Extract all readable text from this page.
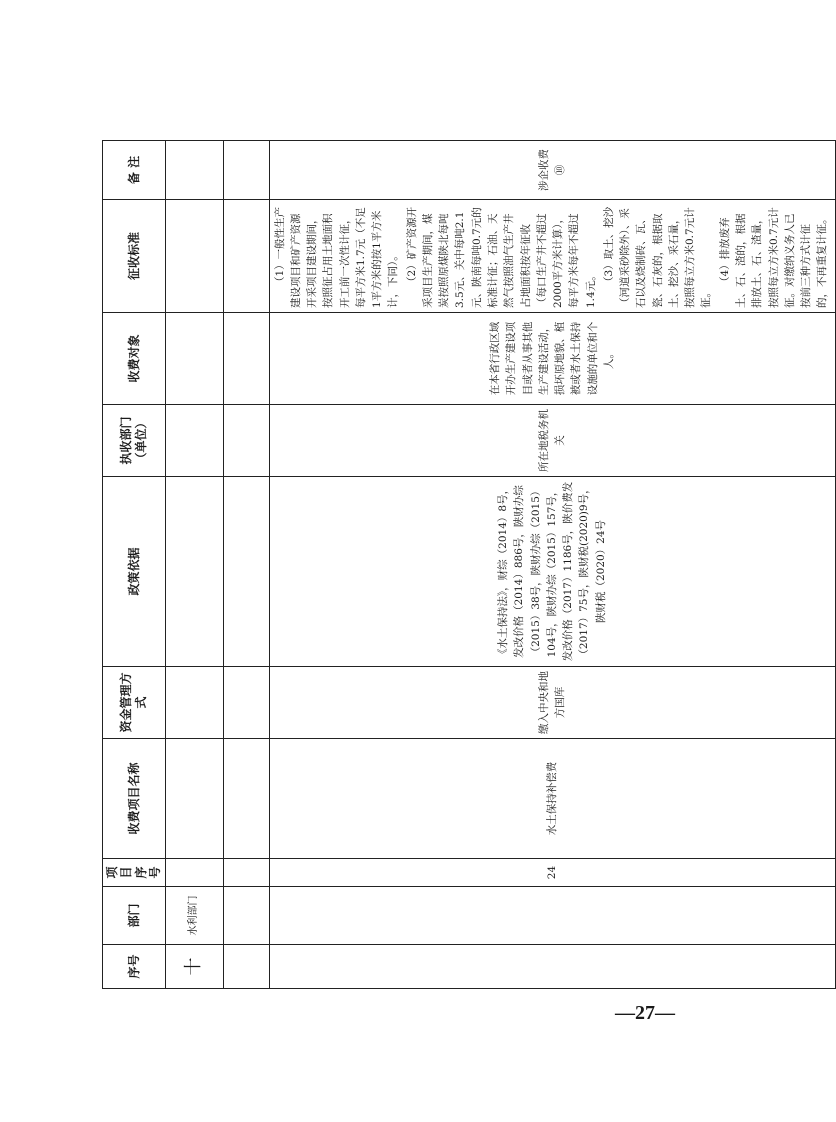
序号	部门	项目序号	收费项目名称	资金管理方式	政策依据	执收部门（单位）	收费对象	征收标准	备 注
十	水利部门								

		24	水土保持补偿费	缴入中央和地方国库	《水土保持法》，财综（2014）8号，发改价格（2014）886号，陕财办综（2015）38号，陕财办综（2015）104号，陕财办综（2015）157号，发改价格（2017）1186号，陕价费发（2017）75号，陕财税(2020)9号，陕财税（2020）24号	所在地税务机关	在本省行政区域开办生产建设项目或者从事其他生产建设活动，损坏原地貌、植被或者水土保持设施的单位和个人。	（1）一般性生产建设项目和矿产资源开采项目建设期间，按照征占用土地面积开工前一次性计征，每平方米1.7元（不足1平方米的按1平方米计，下同）。 （2）矿产资源开采项目生产期间，煤炭按照原煤陕北每吨3.5元、关中每吨2.1元、陕南每吨0.7元的标准计征；石油、天然气按照油气生产井占地面积按年征收（每口生产井不超过2000平方米计算），每平方米每年不超过1.4元。

（3）取土、挖沙（河道采砂除外）、采石以及烧制砖、瓦、瓷、石灰的，根据取土、挖沙、采石量，按照每立方米0.7元计征。

（4）排放废弃土、石、渣的，根据排放土、石、渣量，按照每立方米0.7元计征。对缴纳义务人已按前三种方式计征的，不再重复计征。	涉企收费⑩
—27—
